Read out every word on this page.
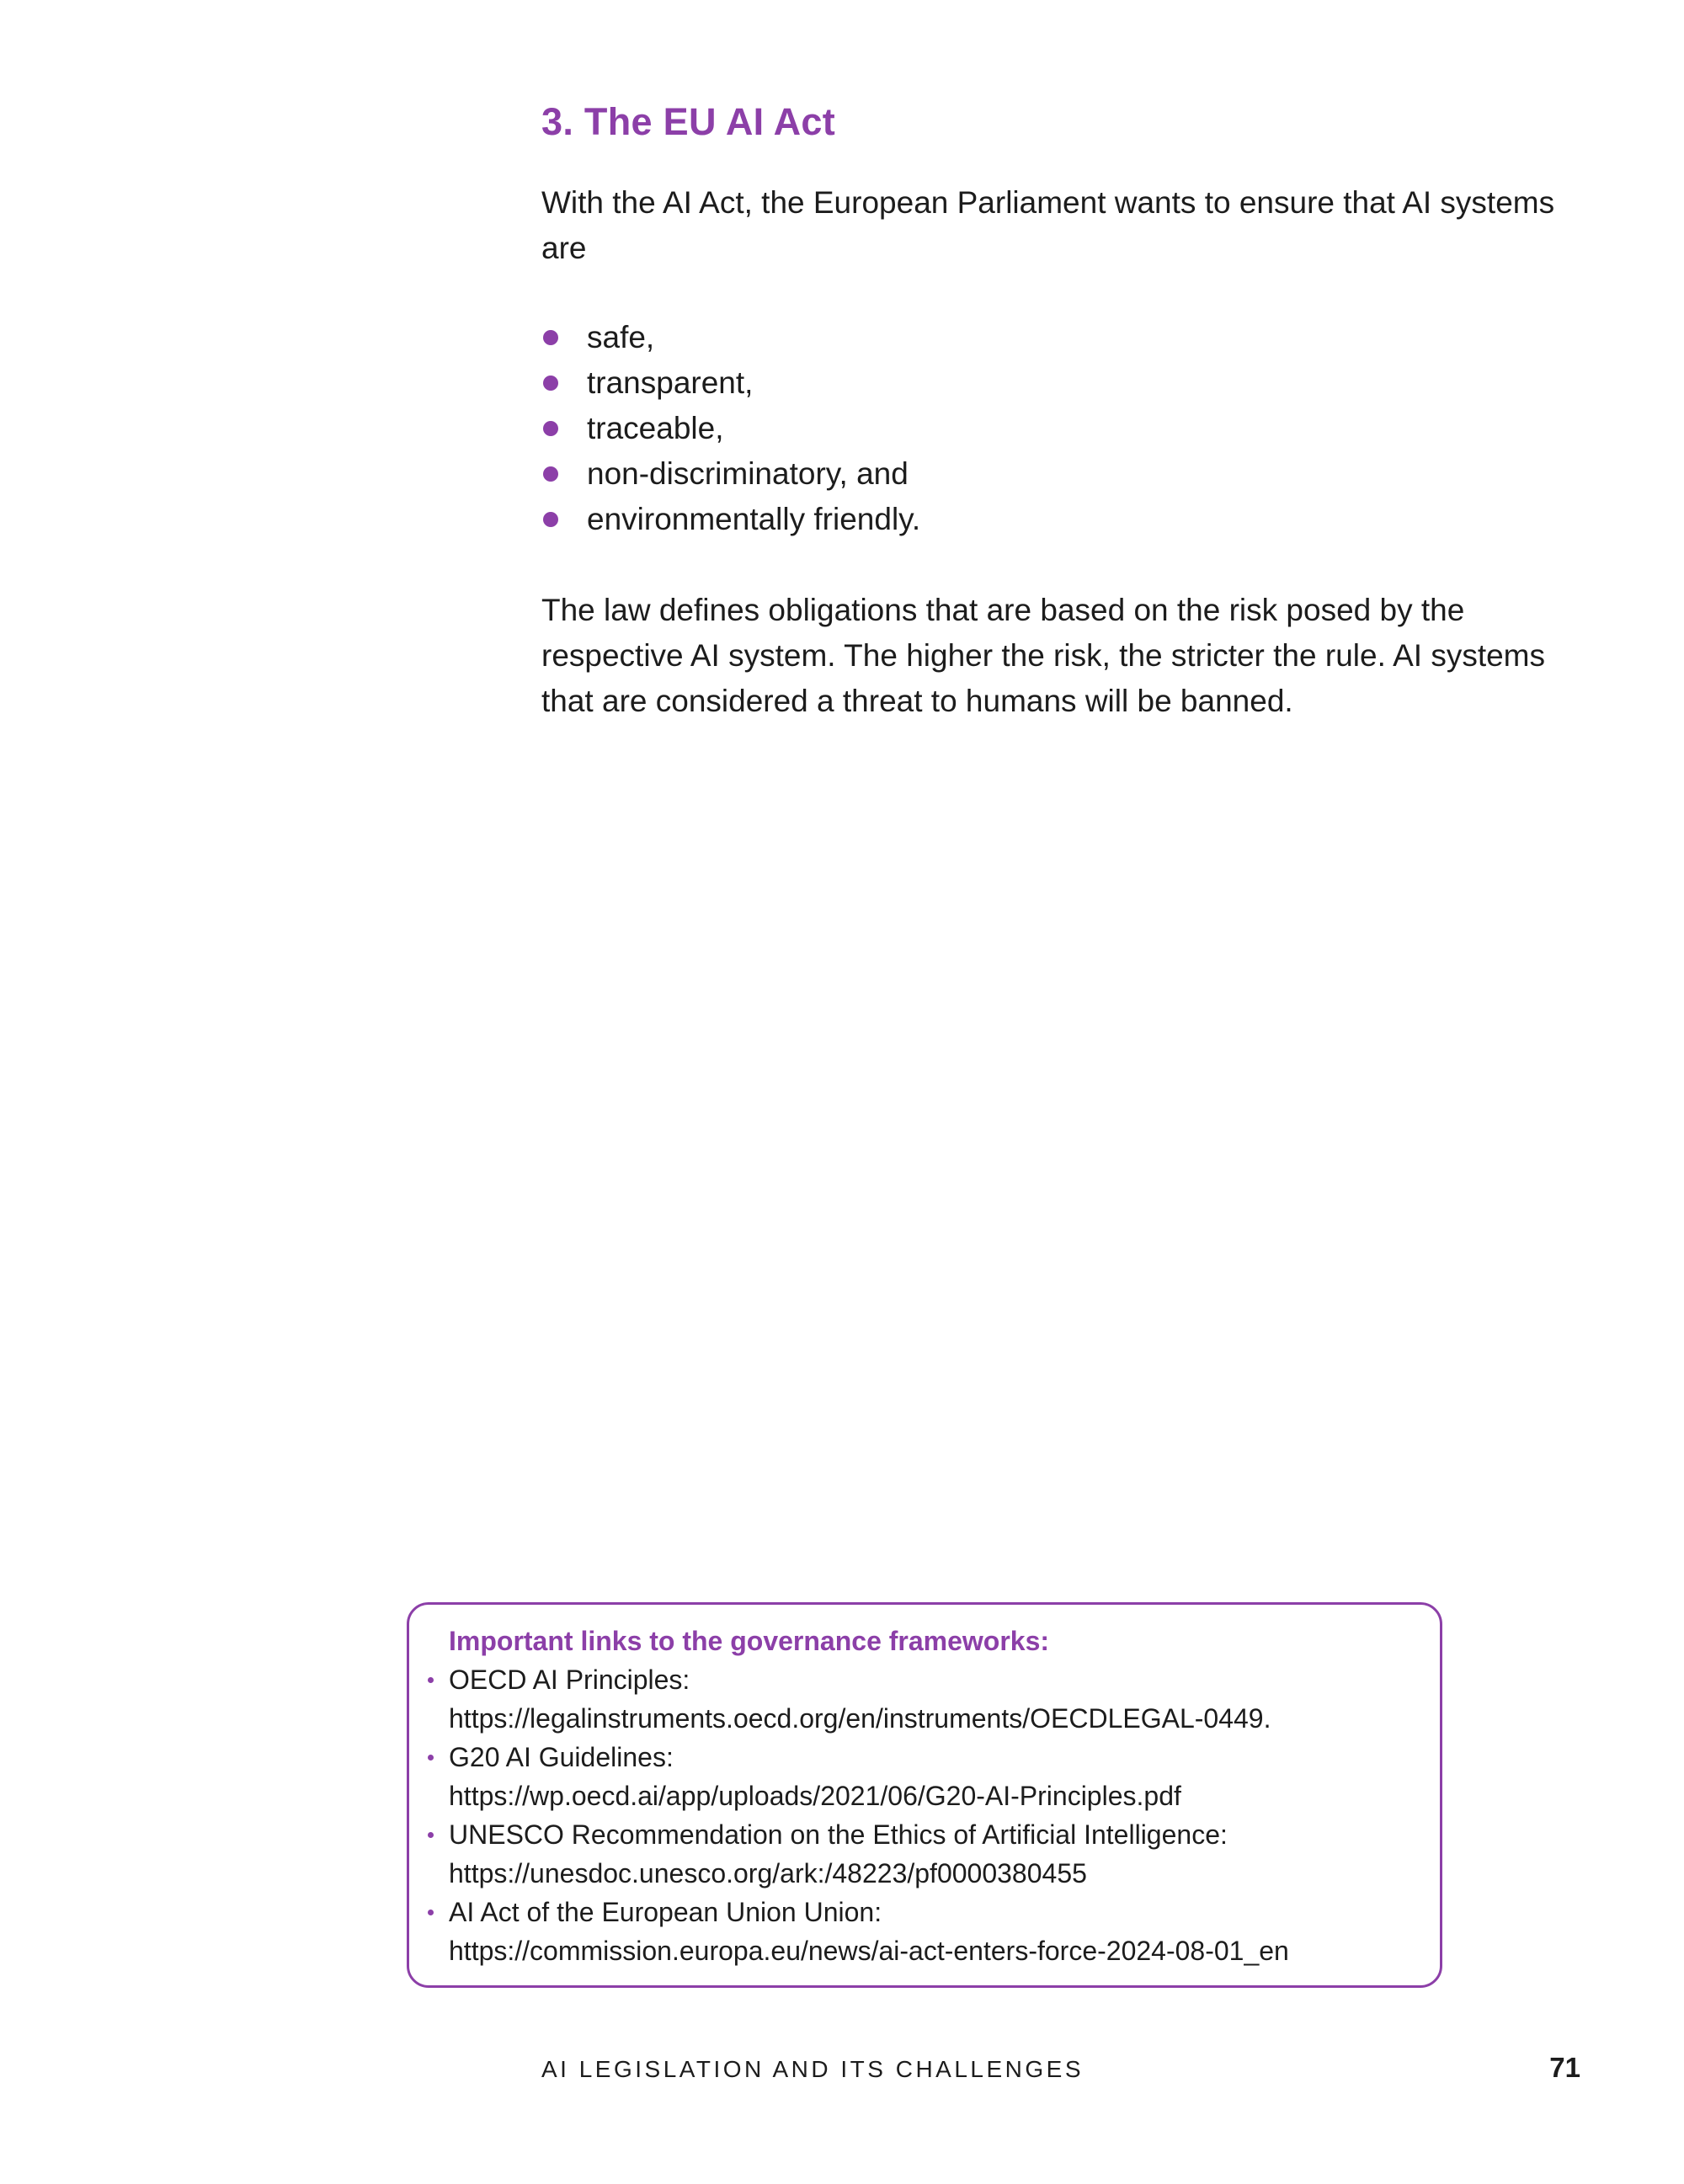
3. The EU AI Act

With the AI Act, the European Parliament wants to ensure that AI systems are

safe,
transparent,
traceable,
non-discriminatory, and
environmentally friendly.

The law defines obligations that are based on the risk posed by the respective AI system. The higher the risk, the stricter the rule. AI systems that are considered a threat to humans will be banned.

Important links to the governance frameworks:

OECD AI Principles:
https://legalinstruments.oecd.org/en/instruments/OECDLEGAL-0449.
G20 AI Guidelines:
https://wp.oecd.ai/app/uploads/2021/06/G20-AI-Principles.pdf
UNESCO Recommendation on the Ethics of Artificial Intelligence:
https://unesdoc.unesco.org/ark:/48223/pf0000380455
AI Act of the European Union Union:
https://commission.europa.eu/news/ai-act-enters-force-2024-08-01_en
AI LEGISLATION AND ITS CHALLENGES	71
